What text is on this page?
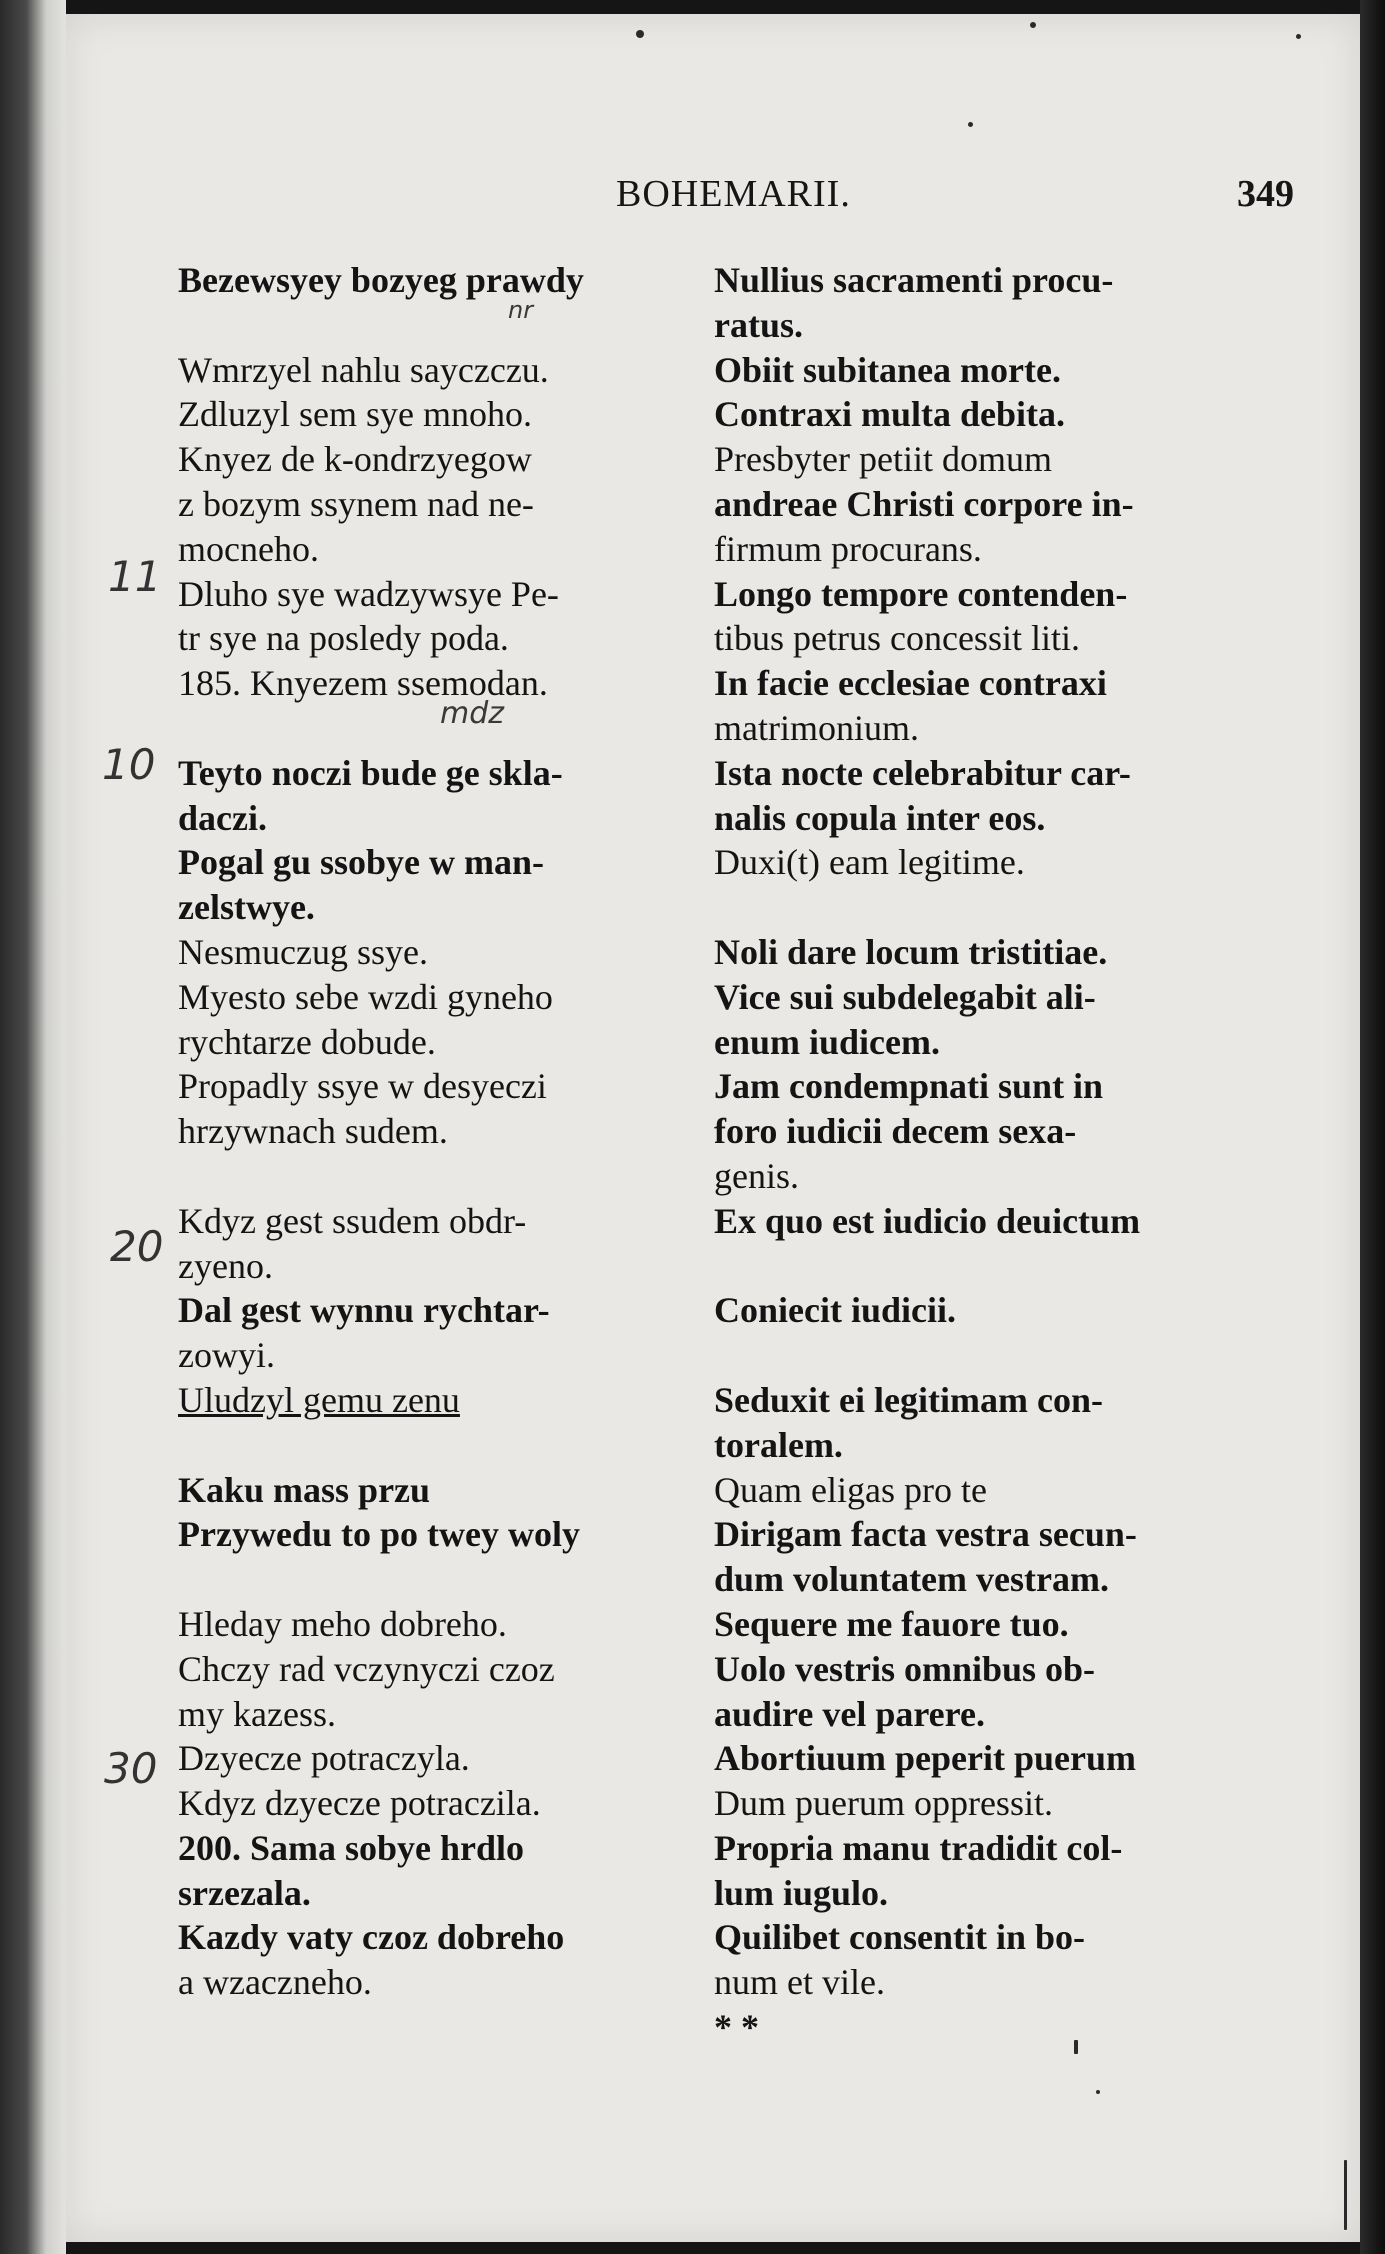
BOHEMARII.	349
Bezewsyey bozyeg prawdy
Wmrzyel nahlu sayczczu.
Zdluzyl sem sye mnoho.
Knyez de k-ondrzyegow
z bozym ssynem nad ne-
mocneho.
Dluho sye wadzywsye Pe-
tr sye na posledy poda.
185. Knyezem ssemodan.
Teyto noczi bude ge skla-
daczi.
Pogal gu ssobye w man-
zelstwye.
Nesmuczug ssye.
Myesto sebe wzdi gyneho
rychtarze dobude.
Propadly ssye w desyeczi
hrzywnach sudem.
Kdyz gest ssudem obdr-
zyeno.
Dal gest wynnu rychtar-
zowyi.
Uludzyl gemu zenu
Kaku mass przu
Przywedu to po twey woly
Hleday meho dobreho.
Chczy rad vczynyczi czoz
my kazess.
Dzyecze potraczyla.
Kdyz dzyecze potraczila.
200. Sama sobye hrdlo
srzezala.
Kazdy vaty czoz dobreho
a wzaczneho.
Nullius sacramenti procu-
ratus.
Obiit subitanea morte.
Contraxi multa debita.
Presbyter petiit domum
andreae Christi corpore in-
firmum procurans.
Longo tempore contenden-
tibus petrus concessit liti.
In facie ecclesiae contraxi
matrimonium.
Ista nocte celebrabitur car-
nalis copula inter eos.
Duxi(t) eam legitime.
Noli dare locum tristitiae.
Vice sui subdelegabit ali-
enum iudicem.
Jam condempnati sunt in
foro iudicii decem sexa-
genis.
Ex quo est iudicio deuictum
Coniecit iudicii.
Seduxit ei legitimam con-
toralem.
Quam eligas pro te
Dirigam facta vestra secun-
dum voluntatem vestram.
Sequere me fauore tuo.
Uolo vestris omnibus ob-
audire vel parere.
Abortiuum peperit puerum
Dum puerum oppressit.
Propria manu tradidit col-
lum iugulo.
Quilibet consentit in bo-
num et vile.
* *
11
10
20
30
nr
mdz
